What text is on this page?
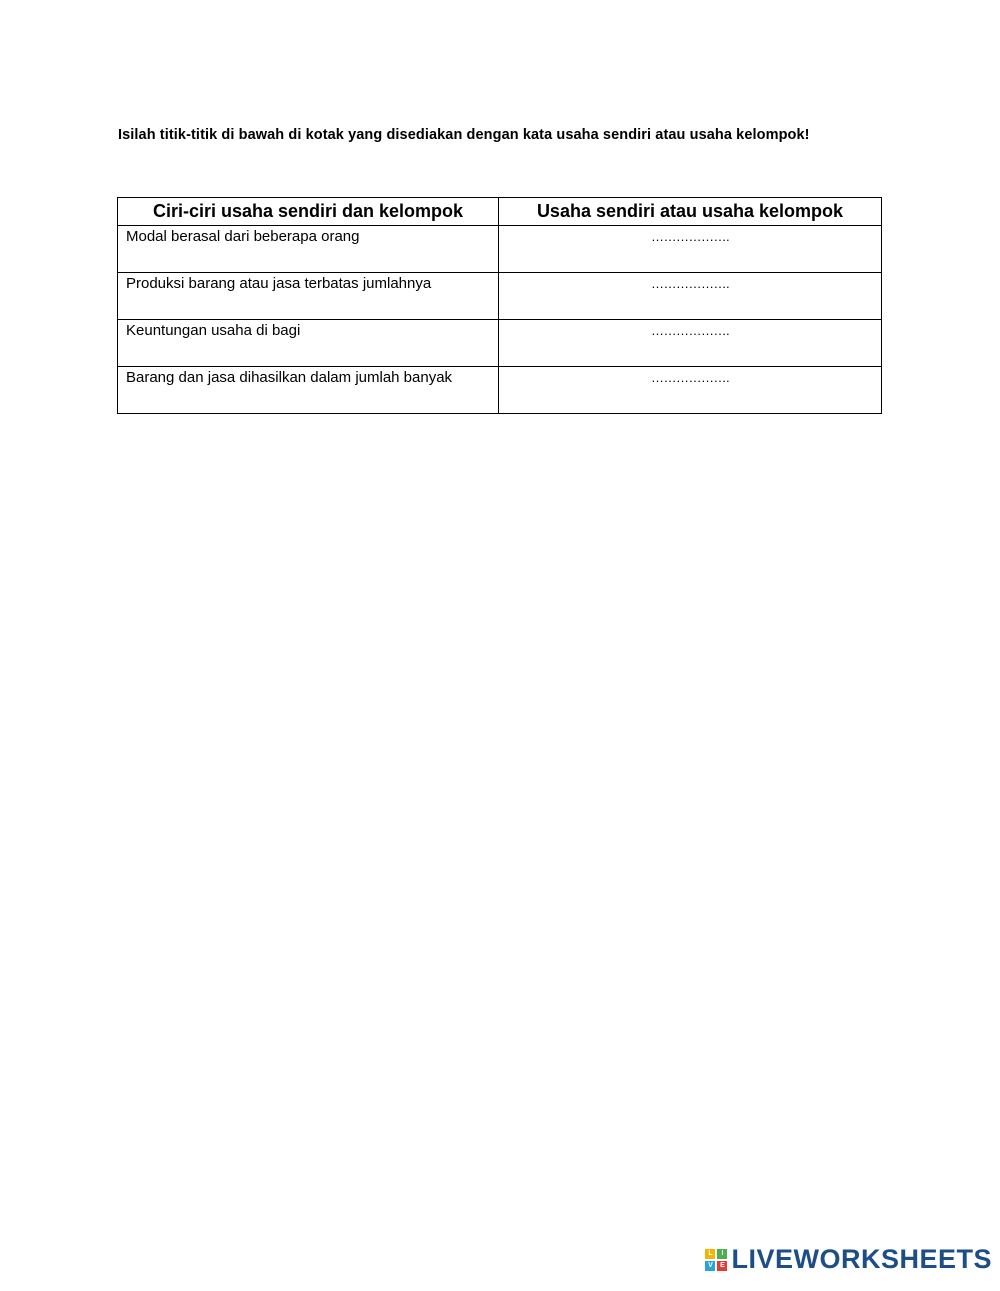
Isilah titik-titik di bawah di kotak yang disediakan dengan kata usaha sendiri atau usaha kelompok!
Ciri-ciri usaha sendiri dan kelompok	Usaha sendiri atau usaha kelompok
Modal berasal dari beberapa orang	……………….
Produksi barang atau jasa terbatas jumlahnya	……………….
Keuntungan usaha di bagi	……………….
Barang dan jasa dihasilkan dalam jumlah banyak	……………….
L	I
V	E LIVEWORKSHEETS
